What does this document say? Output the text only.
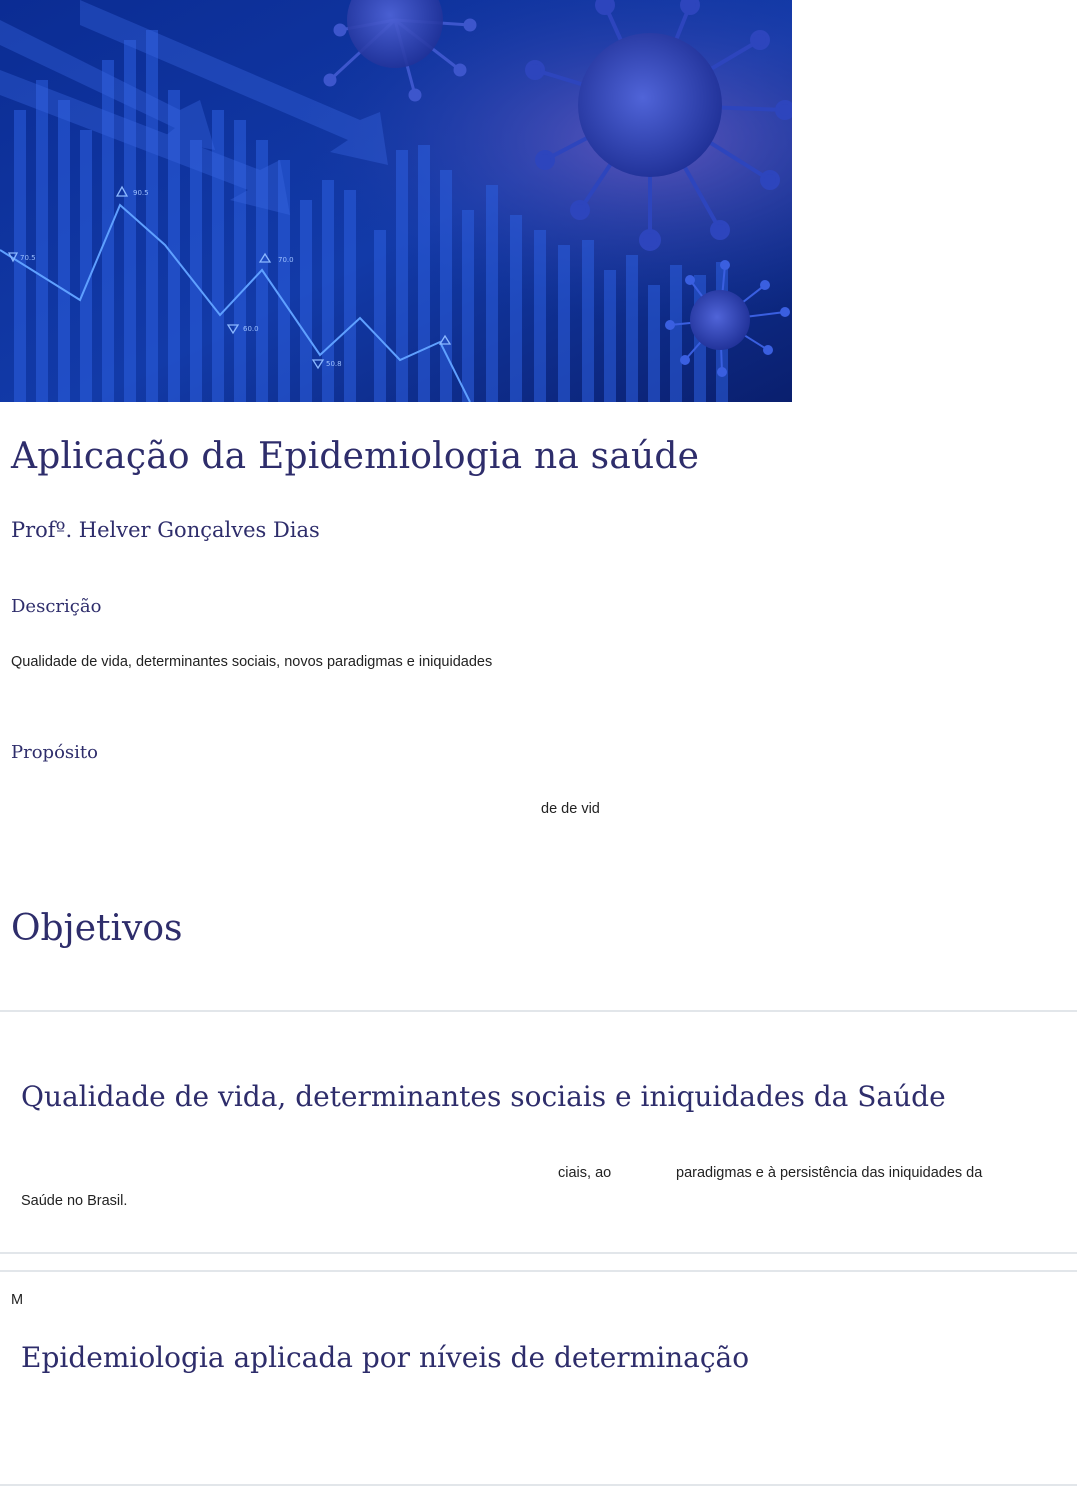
70.5
90.5
60.0
70.0
50.8
Aplicação da Epidemiologia na saúde
Profº. Helver Gonçalves Dias
Descrição
Qualidade de vida, determinantes sociais, novos paradigmas e iniquidades
Propósito
de de vid
Objetivos
Qualidade de vida, determinantes sociais e iniquidades da Saúde
ciais, ao	paradigmas e à persistência das iniquidades da
Saúde no Brasil.
M
Epidemiologia aplicada por níveis de determinação
